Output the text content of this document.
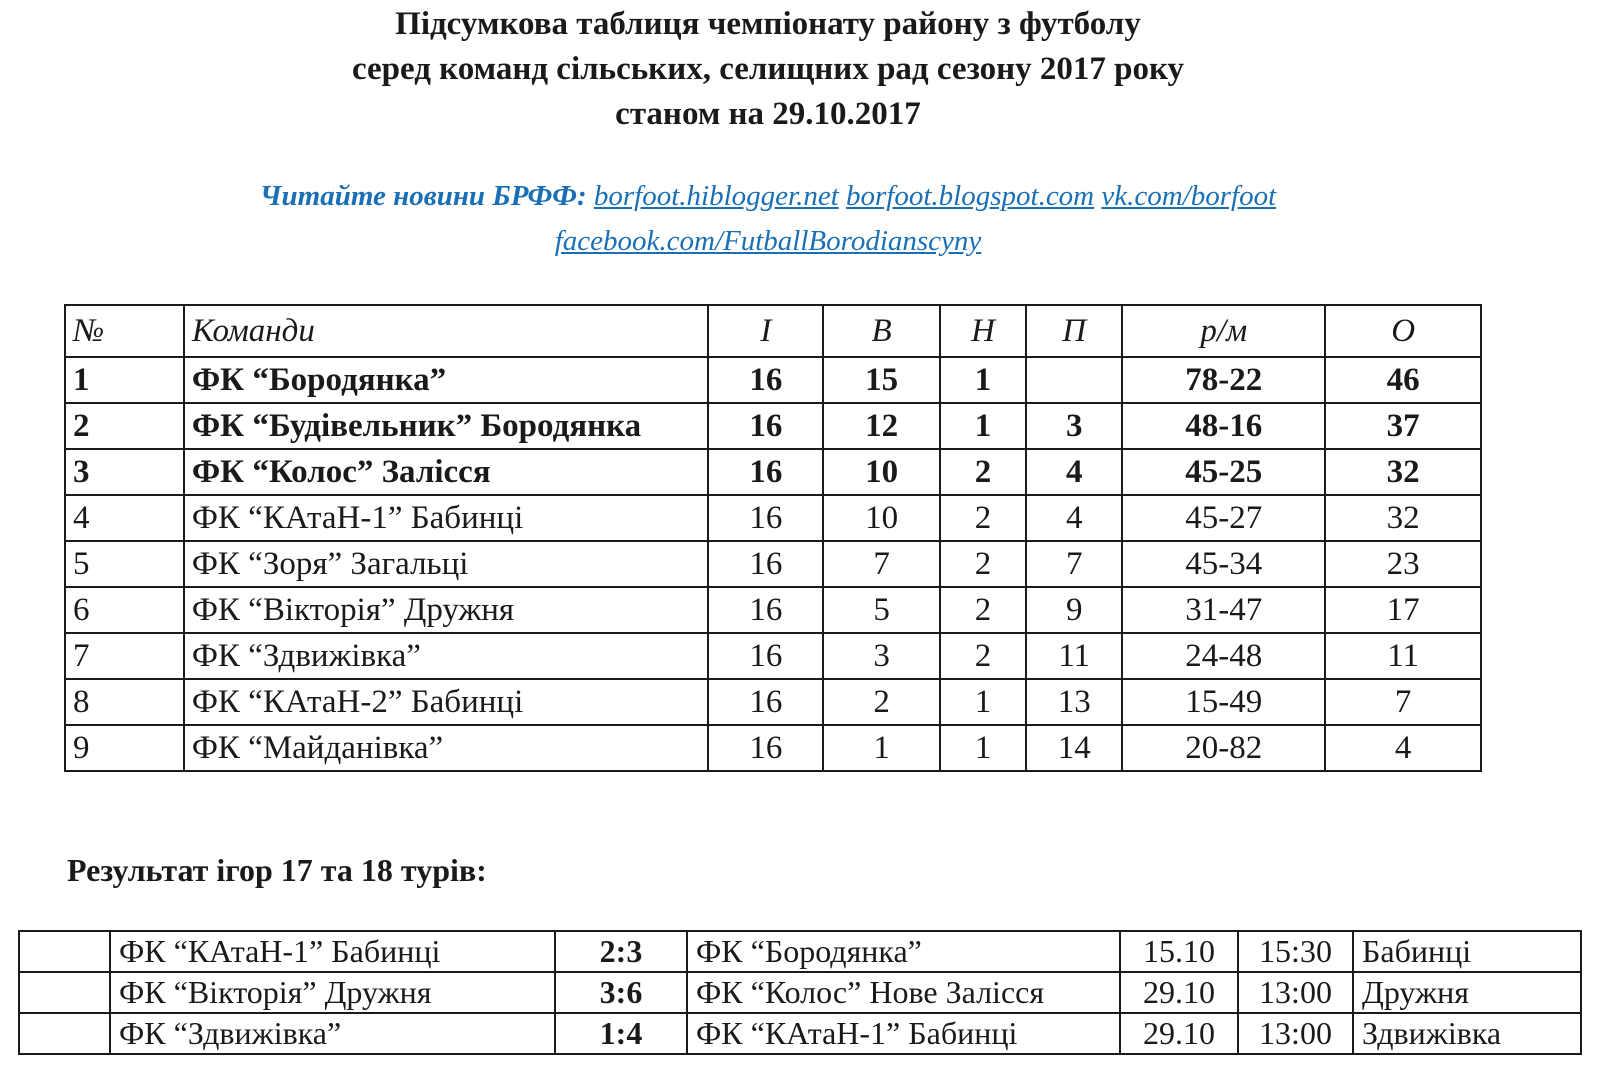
Підсумкова таблиця чемпіонату району з футболу
серед команд сільських, селищних рад сезону 2017 року
станом на 29.10.2017
Читайте новини БРФФ: borfoot.hiblogger.net borfoot.blogspot.com vk.com/borfoot
facebook.com/FutballBorodianscyny
№	Команди	І	В	Н	П	р/м	О
1	ФК “Бородянка”	16	15	1		78-22	46
2	ФК “Будівельник” Бородянка	16	12	1	3	48-16	37
3	ФК “Колос” Залісся	16	10	2	4	45-25	32
4	ФК “КАтаН-1” Бабинці	16	10	2	4	45-27	32
5	ФК “Зоря” Загальці	16	7	2	7	45-34	23
6	ФК “Вікторія” Дружня	16	5	2	9	31-47	17
7	ФК “Здвижівка”	16	3	2	11	24-48	11
8	ФК “КАтаН-2” Бабинці	16	2	1	13	15-49	7
9	ФК “Майданівка”	16	1	1	14	20-82	4
Результат ігор 17 та 18 турів:
	ФК “КАтаН-1” Бабинці	2:3	ФК “Бородянка”	15.10	15:30	Бабинці
	ФК “Вікторія” Дружня	3:6	ФК “Колос” Нове Залісся	29.10	13:00	Дружня
	ФК “Здвижівка”	1:4	ФК “КАтаН-1” Бабинці	29.10	13:00	Здвижівка
